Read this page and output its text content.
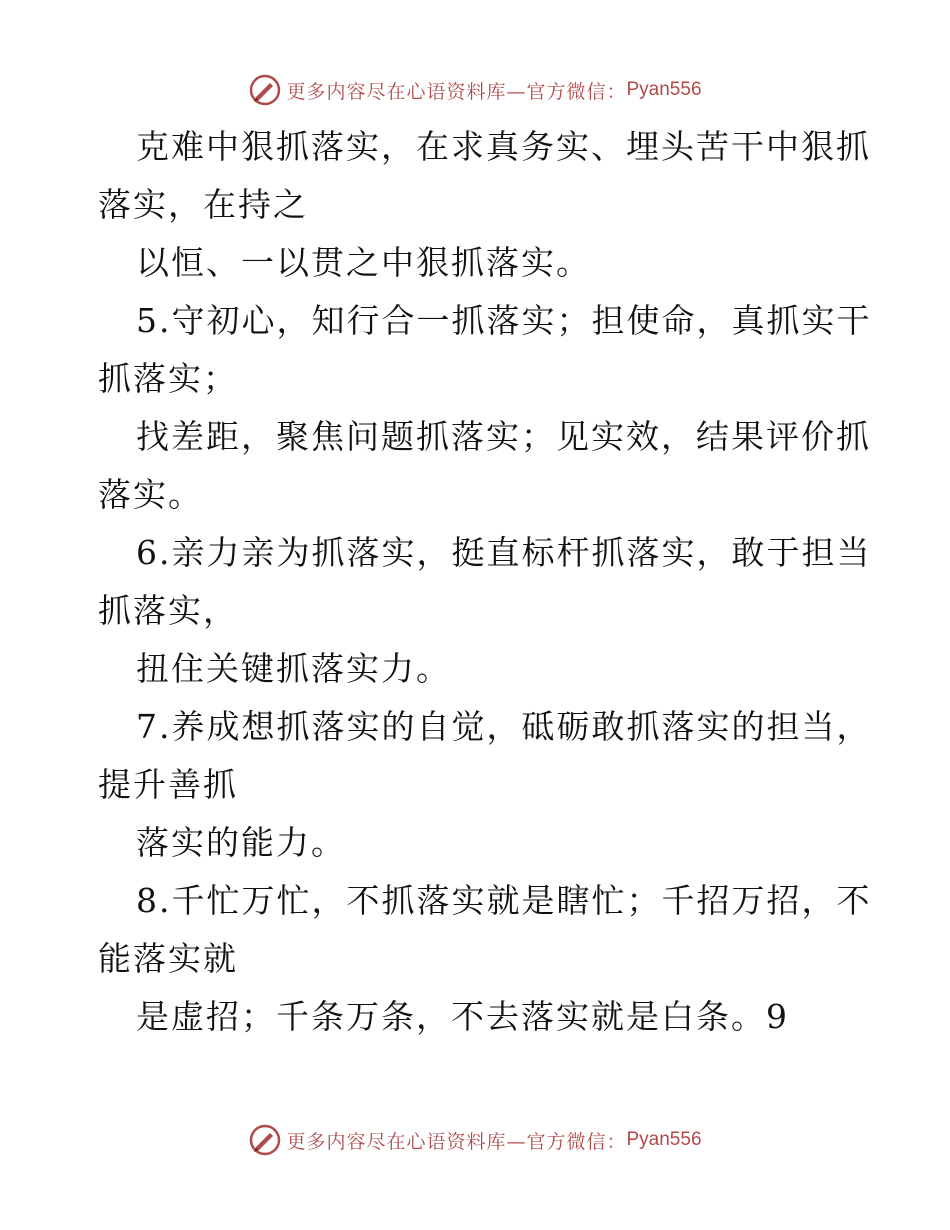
更多内容尽在心语资料库—官方微信： Pyan556
克难中狠抓落实，在求真务实、埋头苦干中狠抓
落实，在持之
以恒、一以贯之中狠抓落实。
5.守初心，知行合一抓落实；担使命，真抓实干
抓落实；
找差距，聚焦问题抓落实；见实效，结果评价抓
落实。
6.亲力亲为抓落实，挺直标杆抓落实，敢于担当
抓落实，
扭住关键抓落实力。
7.养成想抓落实的自觉，砥砺敢抓落实的担当，
提升善抓
落实的能力。
8.千忙万忙，不抓落实就是瞎忙；千招万招，不
能落实就
是虚招；千条万条，不去落实就是白条。9
更多内容尽在心语资料库—官方微信： Pyan556
